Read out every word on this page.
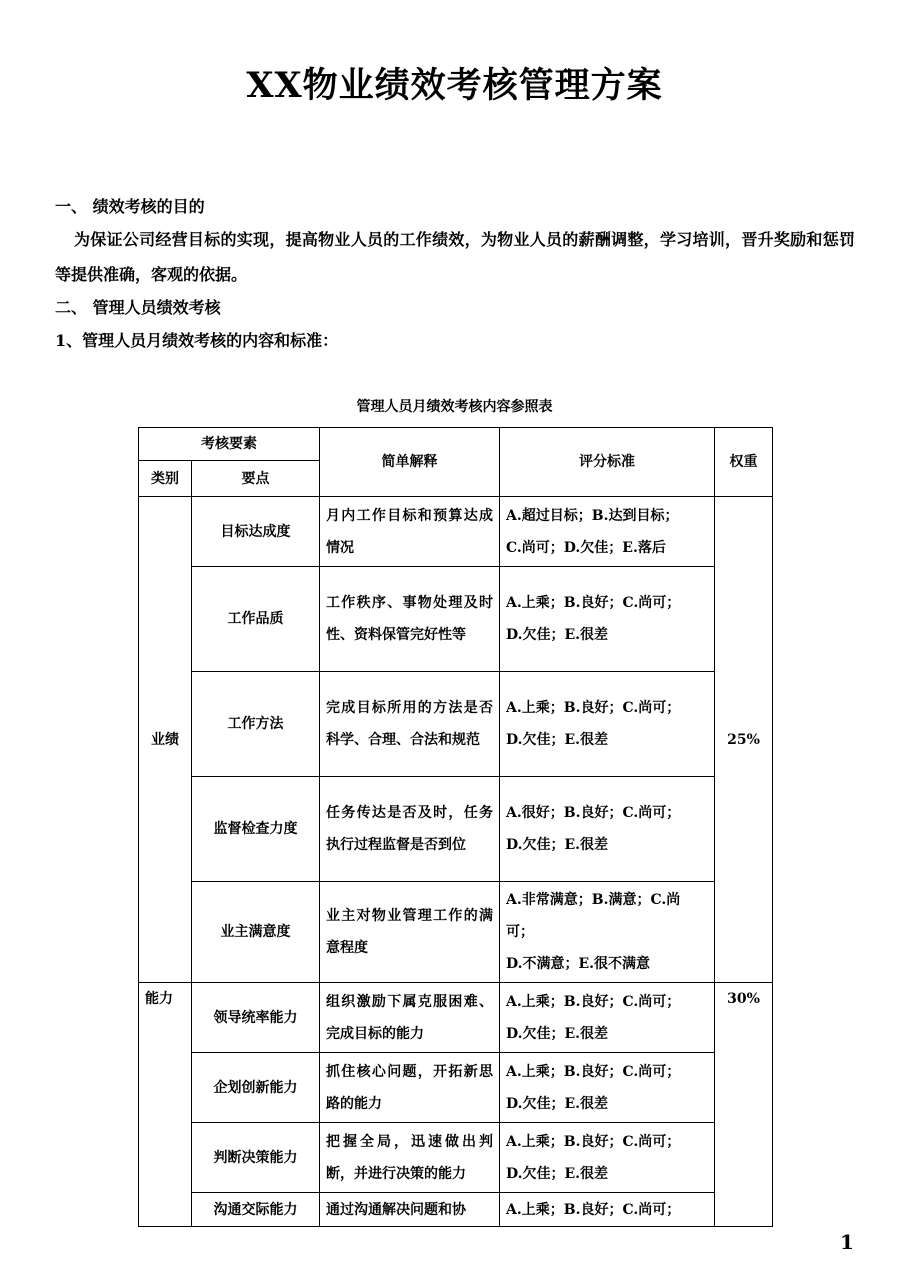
XX物业绩效考核管理方案

一、 绩效考核的目的

为保证公司经营目标的实现，提高物业人员的工作绩效，为物业人员的薪酬调整，学习培训，晋升奖励和惩罚等提供准确，客观的依据。

二、 管理人员绩效考核

1、管理人员月绩效考核的内容和标准：

管理人员月绩效考核内容参照表

考核要素		简单解释	评分标准	权重
类别	要点			
业绩	目标达成度	月内工作目标和预算达成情况	A.超过目标；B.达到目标；
C.尚可；D.欠佳；E.落后	25%
	工作品质	工作秩序、事物处理及时性、资料保管完好性等	A.上乘；B.良好；C.尚可；
D.欠佳；E.很差	

	工作方法	完成目标所用的方法是否科学、合理、合法和规范	A.上乘；B.良好；C.尚可；
D.欠佳；E.很差	

	监督检查力度	任务传达是否及时，任务执行过程监督是否到位	A.很好；B.良好；C.尚可；
D.欠佳；E.很差	

	业主满意度	业主对物业管理工作的满意程度	A.非常满意；B.满意；C.尚可；
D.不满意；E.很不满意	

能力	领导统率能力	组织激励下属克服困难、完成目标的能力	A.上乘；B.良好；C.尚可；
D.欠佳；E.很差	30%
	企划创新能力	抓住核心问题，开拓新思路的能力	A.上乘；B.良好；C.尚可；
D.欠佳；E.很差	

	判断决策能力	把握全局，迅速做出判断，并进行决策的能力	A.上乘；B.良好；C.尚可；
D.欠佳；E.很差	

	沟通交际能力	通过沟通解决问题和协	A.上乘；B.良好；C.尚可；	

1
